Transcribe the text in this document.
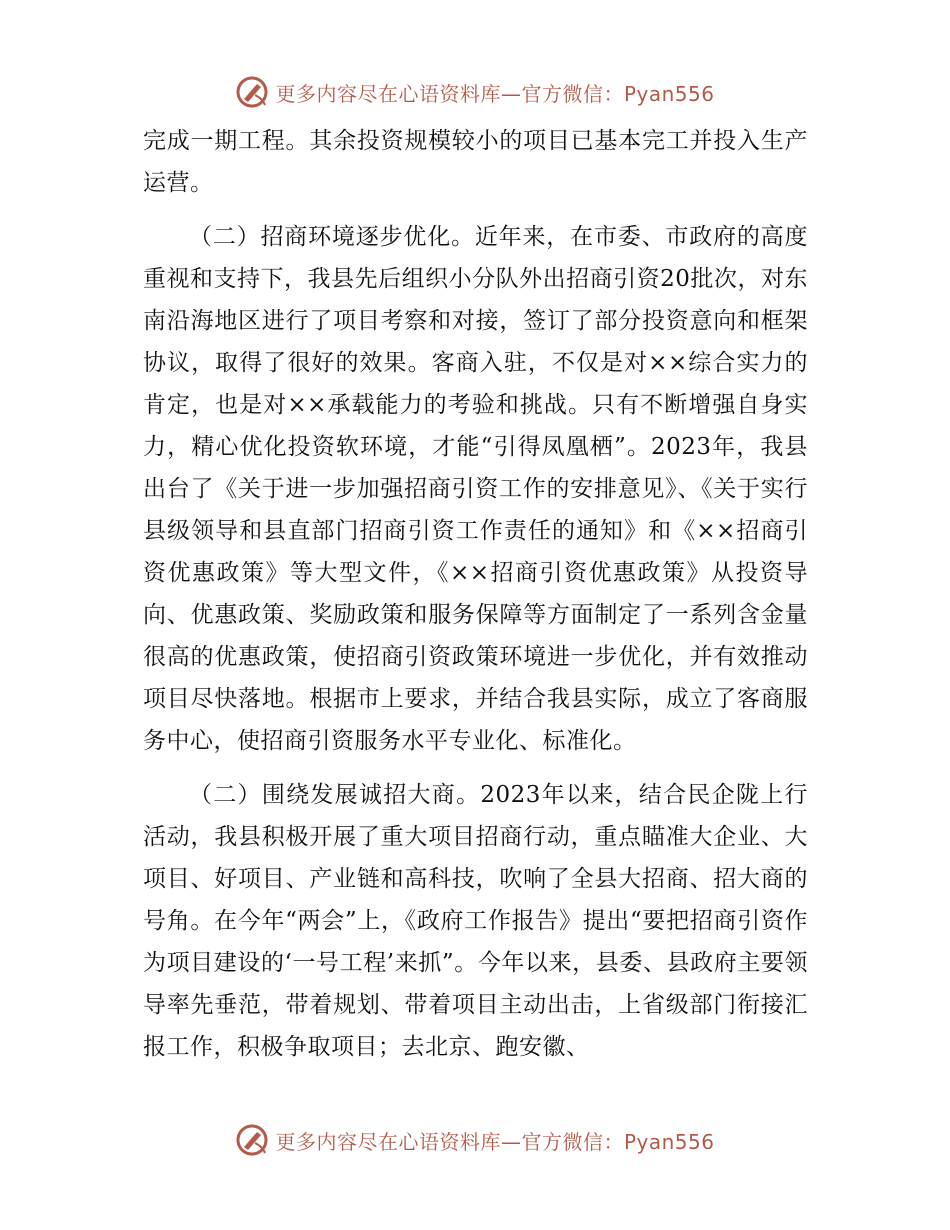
更多内容尽在心语资料库—官方微信：Pyan556

完成一期工程。其余投资规模较小的项目已基本完工并投入生产运营。

（二）招商环境逐步优化。近年来，在市委、市政府的高度重视和支持下，我县先后组织小分队外出招商引资20批次，对东南沿海地区进行了项目考察和对接，签订了部分投资意向和框架协议，取得了很好的效果。客商入驻，不仅是对××综合实力的肯定，也是对××承载能力的考验和挑战。只有不断增强自身实力，精心优化投资软环境，才能“引得凤凰栖”。2023年，我县出台了《关于进一步加强招商引资工作的安排意见》、《关于实行县级领导和县直部门招商引资工作责任的通知》和《××招商引资优惠政策》等大型文件，《××招商引资优惠政策》从投资导向、优惠政策、奖励政策和服务保障等方面制定了一系列含金量很高的优惠政策，使招商引资政策环境进一步优化，并有效推动项目尽快落地。根据市上要求，并结合我县实际，成立了客商服务中心，使招商引资服务水平专业化、标准化。

（二）围绕发展诚招大商。2023年以来，结合民企陇上行活动，我县积极开展了重大项目招商行动，重点瞄准大企业、大项目、好项目、产业链和高科技，吹响了全县大招商、招大商的号角。在今年“两会”上，《政府工作报告》提出“要把招商引资作为项目建设的‘一号工程’来抓”。今年以来，县委、县政府主要领导率先垂范，带着规划、带着项目主动出击，上省级部门衔接汇报工作，积极争取项目；去北京、跑安徽、

更多内容尽在心语资料库—官方微信：Pyan556
